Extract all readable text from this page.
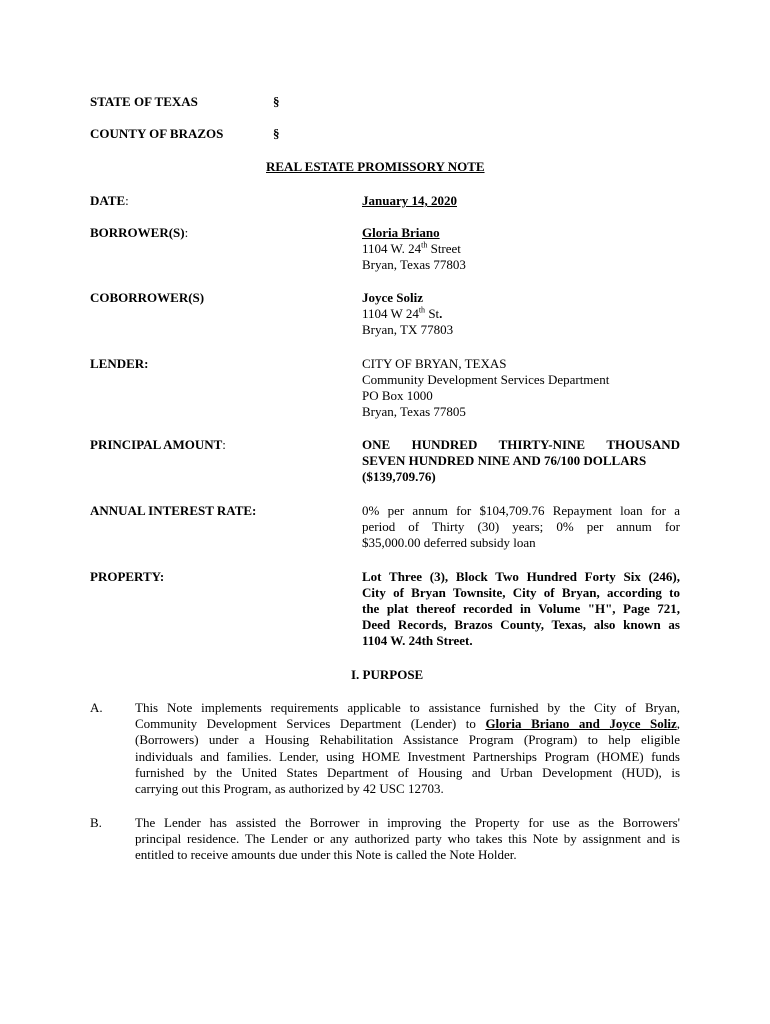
STATE OF TEXAS	§
COUNTY OF BRAZOS	§
REAL ESTATE PROMISSORY NOTE
DATE:	January 14, 2020
BORROWER(S):	Gloria Briano
1104 W. 24th Street
Bryan, Texas 77803
COBORROWER(S)	Joyce Soliz
1104 W 24th St.
Bryan, TX 77803
LENDER:	CITY OF BRYAN, TEXAS
Community Development Services Department
PO Box 1000
Bryan, Texas 77805
PRINCIPAL AMOUNT:	ONE HUNDRED THIRTY-NINE THOUSAND
SEVEN HUNDRED NINE AND 76/100 DOLLARS
($139,709.76)
ANNUAL INTEREST RATE:	0% per annum for $104,709.76 Repayment loan for a
period of Thirty (30) years; 0% per annum for
$35,000.00 deferred subsidy loan
PROPERTY:	Lot Three (3), Block Two Hundred Forty Six (246),
City of Bryan Townsite, City of Bryan, according to
the plat thereof recorded in Volume "H", Page 721,
Deed Records, Brazos County, Texas, also known as
1104 W. 24th Street.
I. PURPOSE
A. This Note implements requirements applicable to assistance furnished by the City of Bryan,
Community Development Services Department (Lender) to Gloria Briano and Joyce Soliz,
(Borrowers) under a Housing Rehabilitation Assistance Program (Program) to help eligible
individuals and families. Lender, using HOME Investment Partnerships Program (HOME) funds
furnished by the United States Department of Housing and Urban Development (HUD), is
carrying out this Program, as authorized by 42 USC 12703.
B.	The Lender has assisted the Borrower in improving the Property for use as the Borrowers'
principal residence. The Lender or any authorized party who takes this Note by assignment and is
entitled to receive amounts due under this Note is called the Note Holder.
